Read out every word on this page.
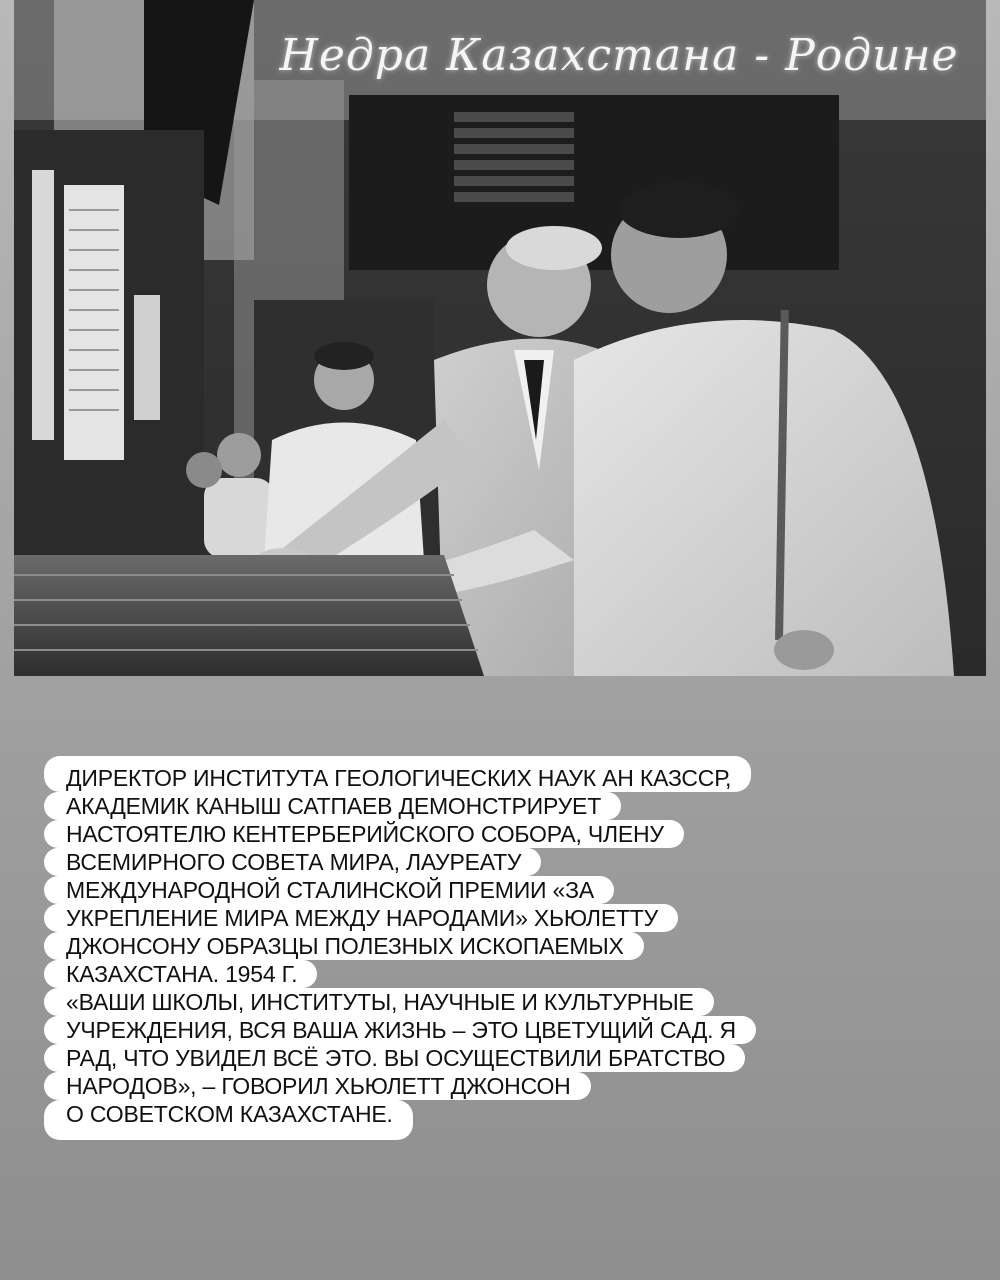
Недра Казахстана - Родине
ДИРЕКТОР ИНСТИТУТА ГЕОЛОГИЧЕСКИХ НАУК АН КАЗССР,
АКАДЕМИК КАНЫШ САТПАЕВ ДЕМОНСТРИРУЕТ
НАСТОЯТЕЛЮ КЕНТЕРБЕРИЙСКОГО СОБОРА, ЧЛЕНУ
ВСЕМИРНОГО СОВЕТА МИРА, ЛАУРЕАТУ
МЕЖДУНАРОДНОЙ СТАЛИНСКОЙ ПРЕМИИ «ЗА
УКРЕПЛЕНИЕ МИРА МЕЖДУ НАРОДАМИ» ХЬЮЛЕТТУ
ДЖОНСОНУ ОБРАЗЦЫ ПОЛЕЗНЫХ ИСКОПАЕМЫХ
КАЗАХСТАНА. 1954 Г.
«ВАШИ ШКОЛЫ, ИНСТИТУТЫ, НАУЧНЫЕ И КУЛЬТУРНЫЕ
УЧРЕЖДЕНИЯ, ВСЯ ВАША ЖИЗНЬ – ЭТО ЦВЕТУЩИЙ САД. Я
РАД, ЧТО УВИДЕЛ ВСЁ ЭТО. ВЫ ОСУЩЕСТВИЛИ БРАТСТВО
НАРОДОВ», – ГОВОРИЛ ХЬЮЛЕТТ ДЖОНСОН
О СОВЕТСКОМ КАЗАХСТАНЕ.
